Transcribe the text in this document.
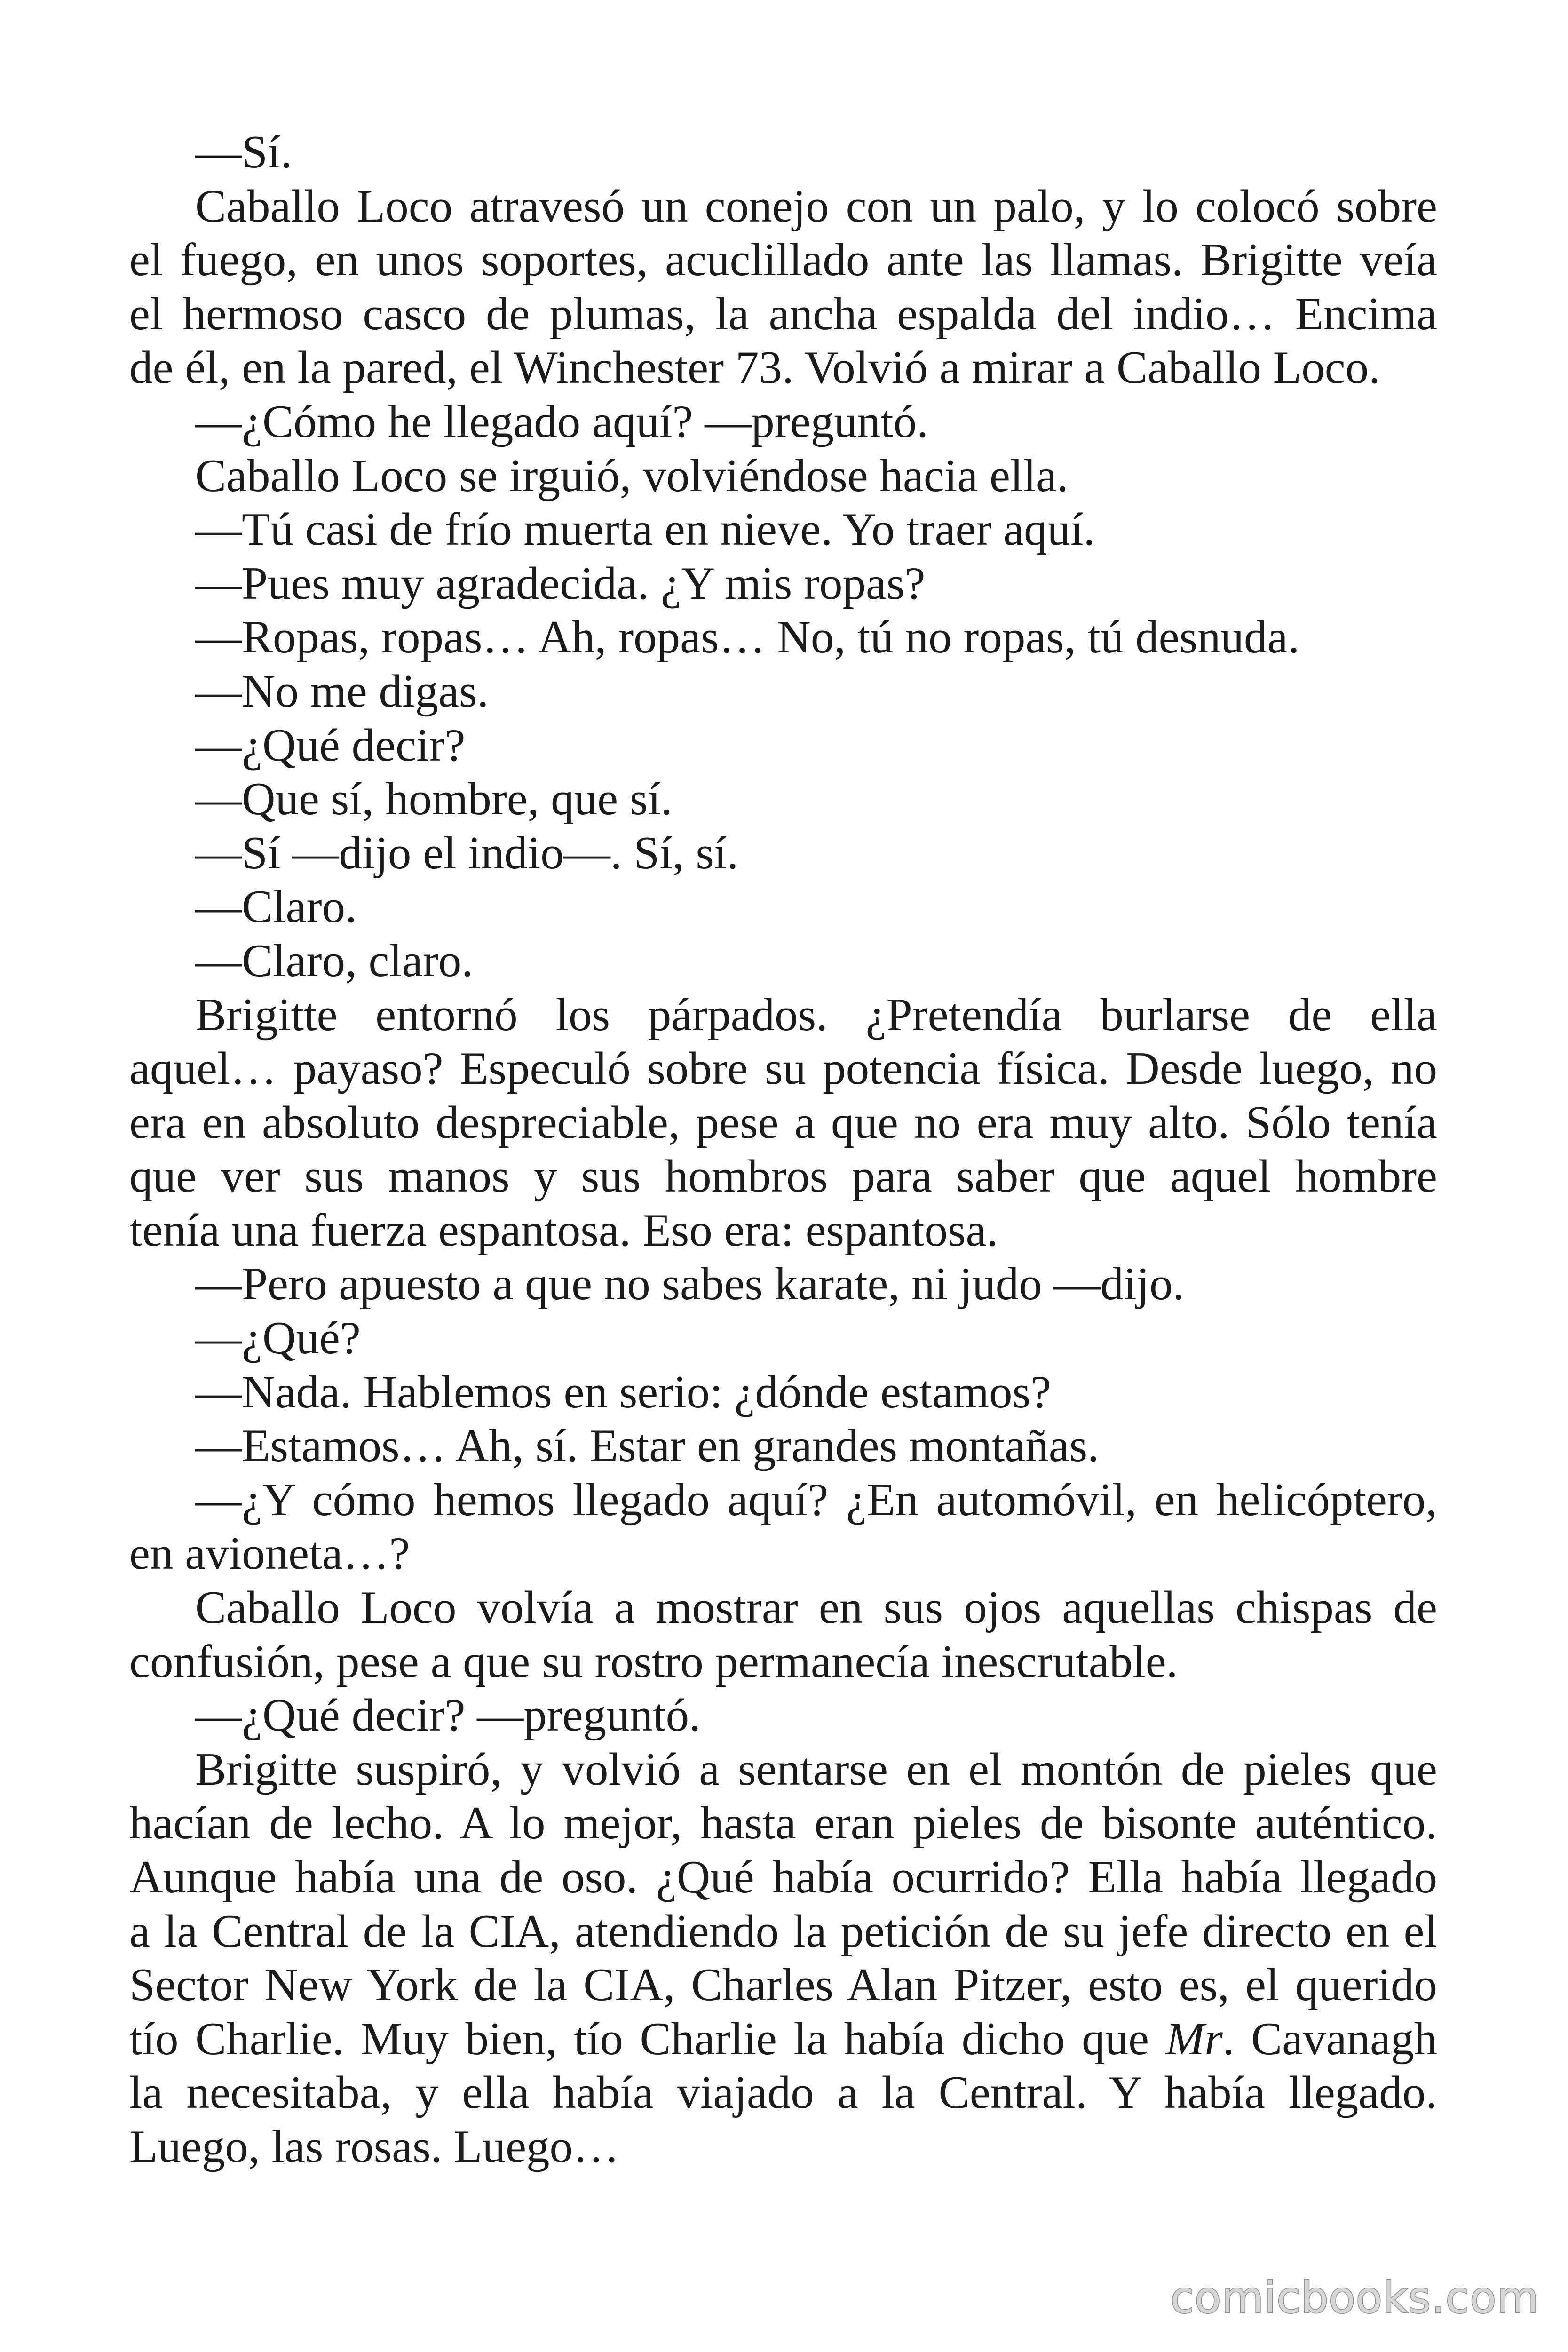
—Sí.
Caballo Loco atravesó un conejo con un palo, y lo colocó sobre
el fuego, en unos soportes, acuclillado ante las llamas. Brigitte veía
el hermoso casco de plumas, la ancha espalda del indio… Encima
de él, en la pared, el Winchester 73. Volvió a mirar a Caballo Loco.
—¿Cómo he llegado aquí? —preguntó.
Caballo Loco se irguió, volviéndose hacia ella.
—Tú casi de frío muerta en nieve. Yo traer aquí.
—Pues muy agradecida. ¿Y mis ropas?
—Ropas, ropas… Ah, ropas… No, tú no ropas, tú desnuda.
—No me digas.
—¿Qué decir?
—Que sí, hombre, que sí.
—Sí —dijo el indio—. Sí, sí.
—Claro.
—Claro, claro.
Brigitte entornó los párpados. ¿Pretendía burlarse de ella
aquel… payaso? Especuló sobre su potencia física. Desde luego, no
era en absoluto despreciable, pese a que no era muy alto. Sólo tenía
que ver sus manos y sus hombros para saber que aquel hombre
tenía una fuerza espantosa. Eso era: espantosa.
—Pero apuesto a que no sabes karate, ni judo —dijo.
—¿Qué?
—Nada. Hablemos en serio: ¿dónde estamos?
—Estamos… Ah, sí. Estar en grandes montañas.
—¿Y cómo hemos llegado aquí? ¿En automóvil, en helicóptero,
en avioneta…?
Caballo Loco volvía a mostrar en sus ojos aquellas chispas de
confusión, pese a que su rostro permanecía inescrutable.
—¿Qué decir? —preguntó.
Brigitte suspiró, y volvió a sentarse en el montón de pieles que
hacían de lecho. A lo mejor, hasta eran pieles de bisonte auténtico.
Aunque había una de oso. ¿Qué había ocurrido? Ella había llegado
a la Central de la CIA, atendiendo la petición de su jefe directo en el
Sector New York de la CIA, Charles Alan Pitzer, esto es, el querido
tío Charlie. Muy bien, tío Charlie la había dicho que Mr. Cavanagh
la necesitaba, y ella había viajado a la Central. Y había llegado.
Luego, las rosas. Luego…
comicbooks.com
